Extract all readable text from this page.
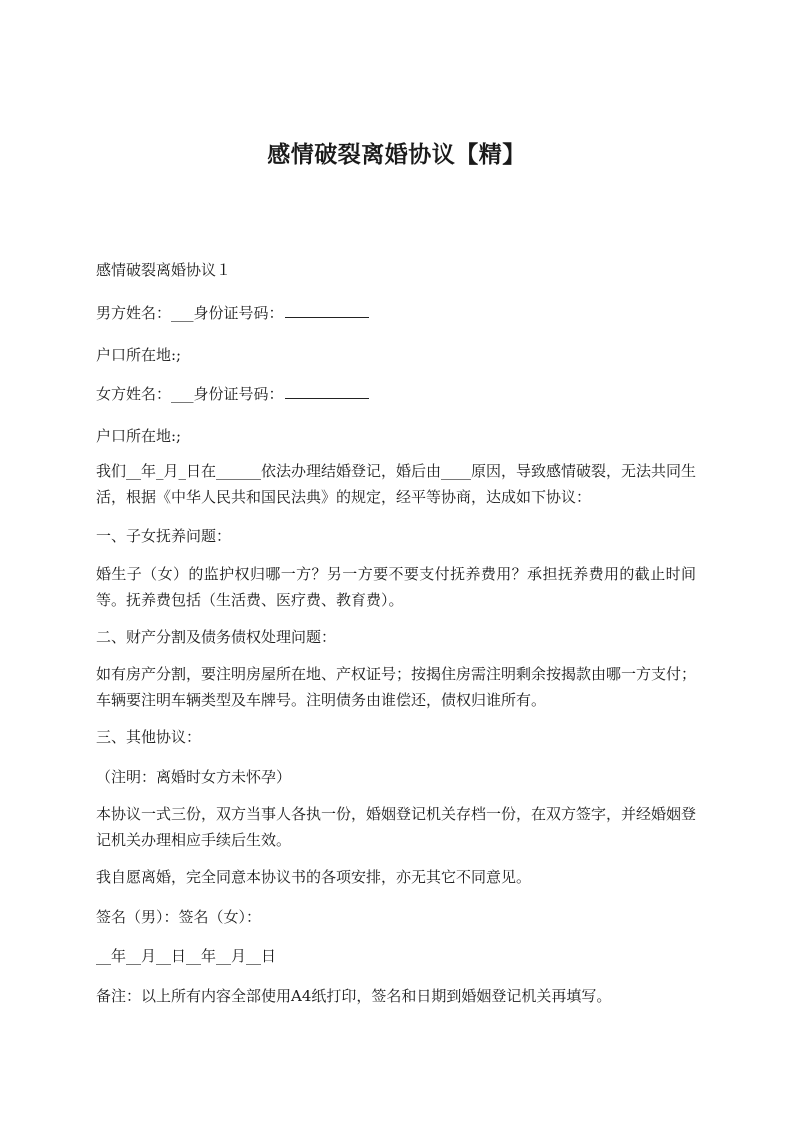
感情破裂离婚协议【精】
感情破裂离婚协议１
男方姓名：___身份证号码：
户口所在地:;
女方姓名：___身份证号码：
户口所在地:;
我们__年_月_日在______依法办理结婚登记，婚后由____原因，导致感情破裂，无法共同生活，根据《中华人民共和国民法典》的规定，经平等协商，达成如下协议：
一、子女抚养问题：
婚生子（女）的监护权归哪一方？另一方要不要支付抚养费用？承担抚养费用的截止时间等。抚养费包括（生活费、医疗费、教育费）。
二、财产分割及债务债权处理问题：
如有房产分割，要注明房屋所在地、产权证号；按揭住房需注明剩余按揭款由哪一方支付；车辆要注明车辆类型及车牌号。注明债务由谁偿还，债权归谁所有。
三、其他协议：
（注明：离婚时女方未怀孕）
本协议一式三份，双方当事人各执一份，婚姻登记机关存档一份，在双方签字，并经婚姻登记机关办理相应手续后生效。
我自愿离婚，完全同意本协议书的各项安排，亦无其它不同意见。
签名（男）：签名（女）：
__年__月__日__年__月__日
备注：以上所有内容全部使用A4纸打印，签名和日期到婚姻登记机关再填写。
